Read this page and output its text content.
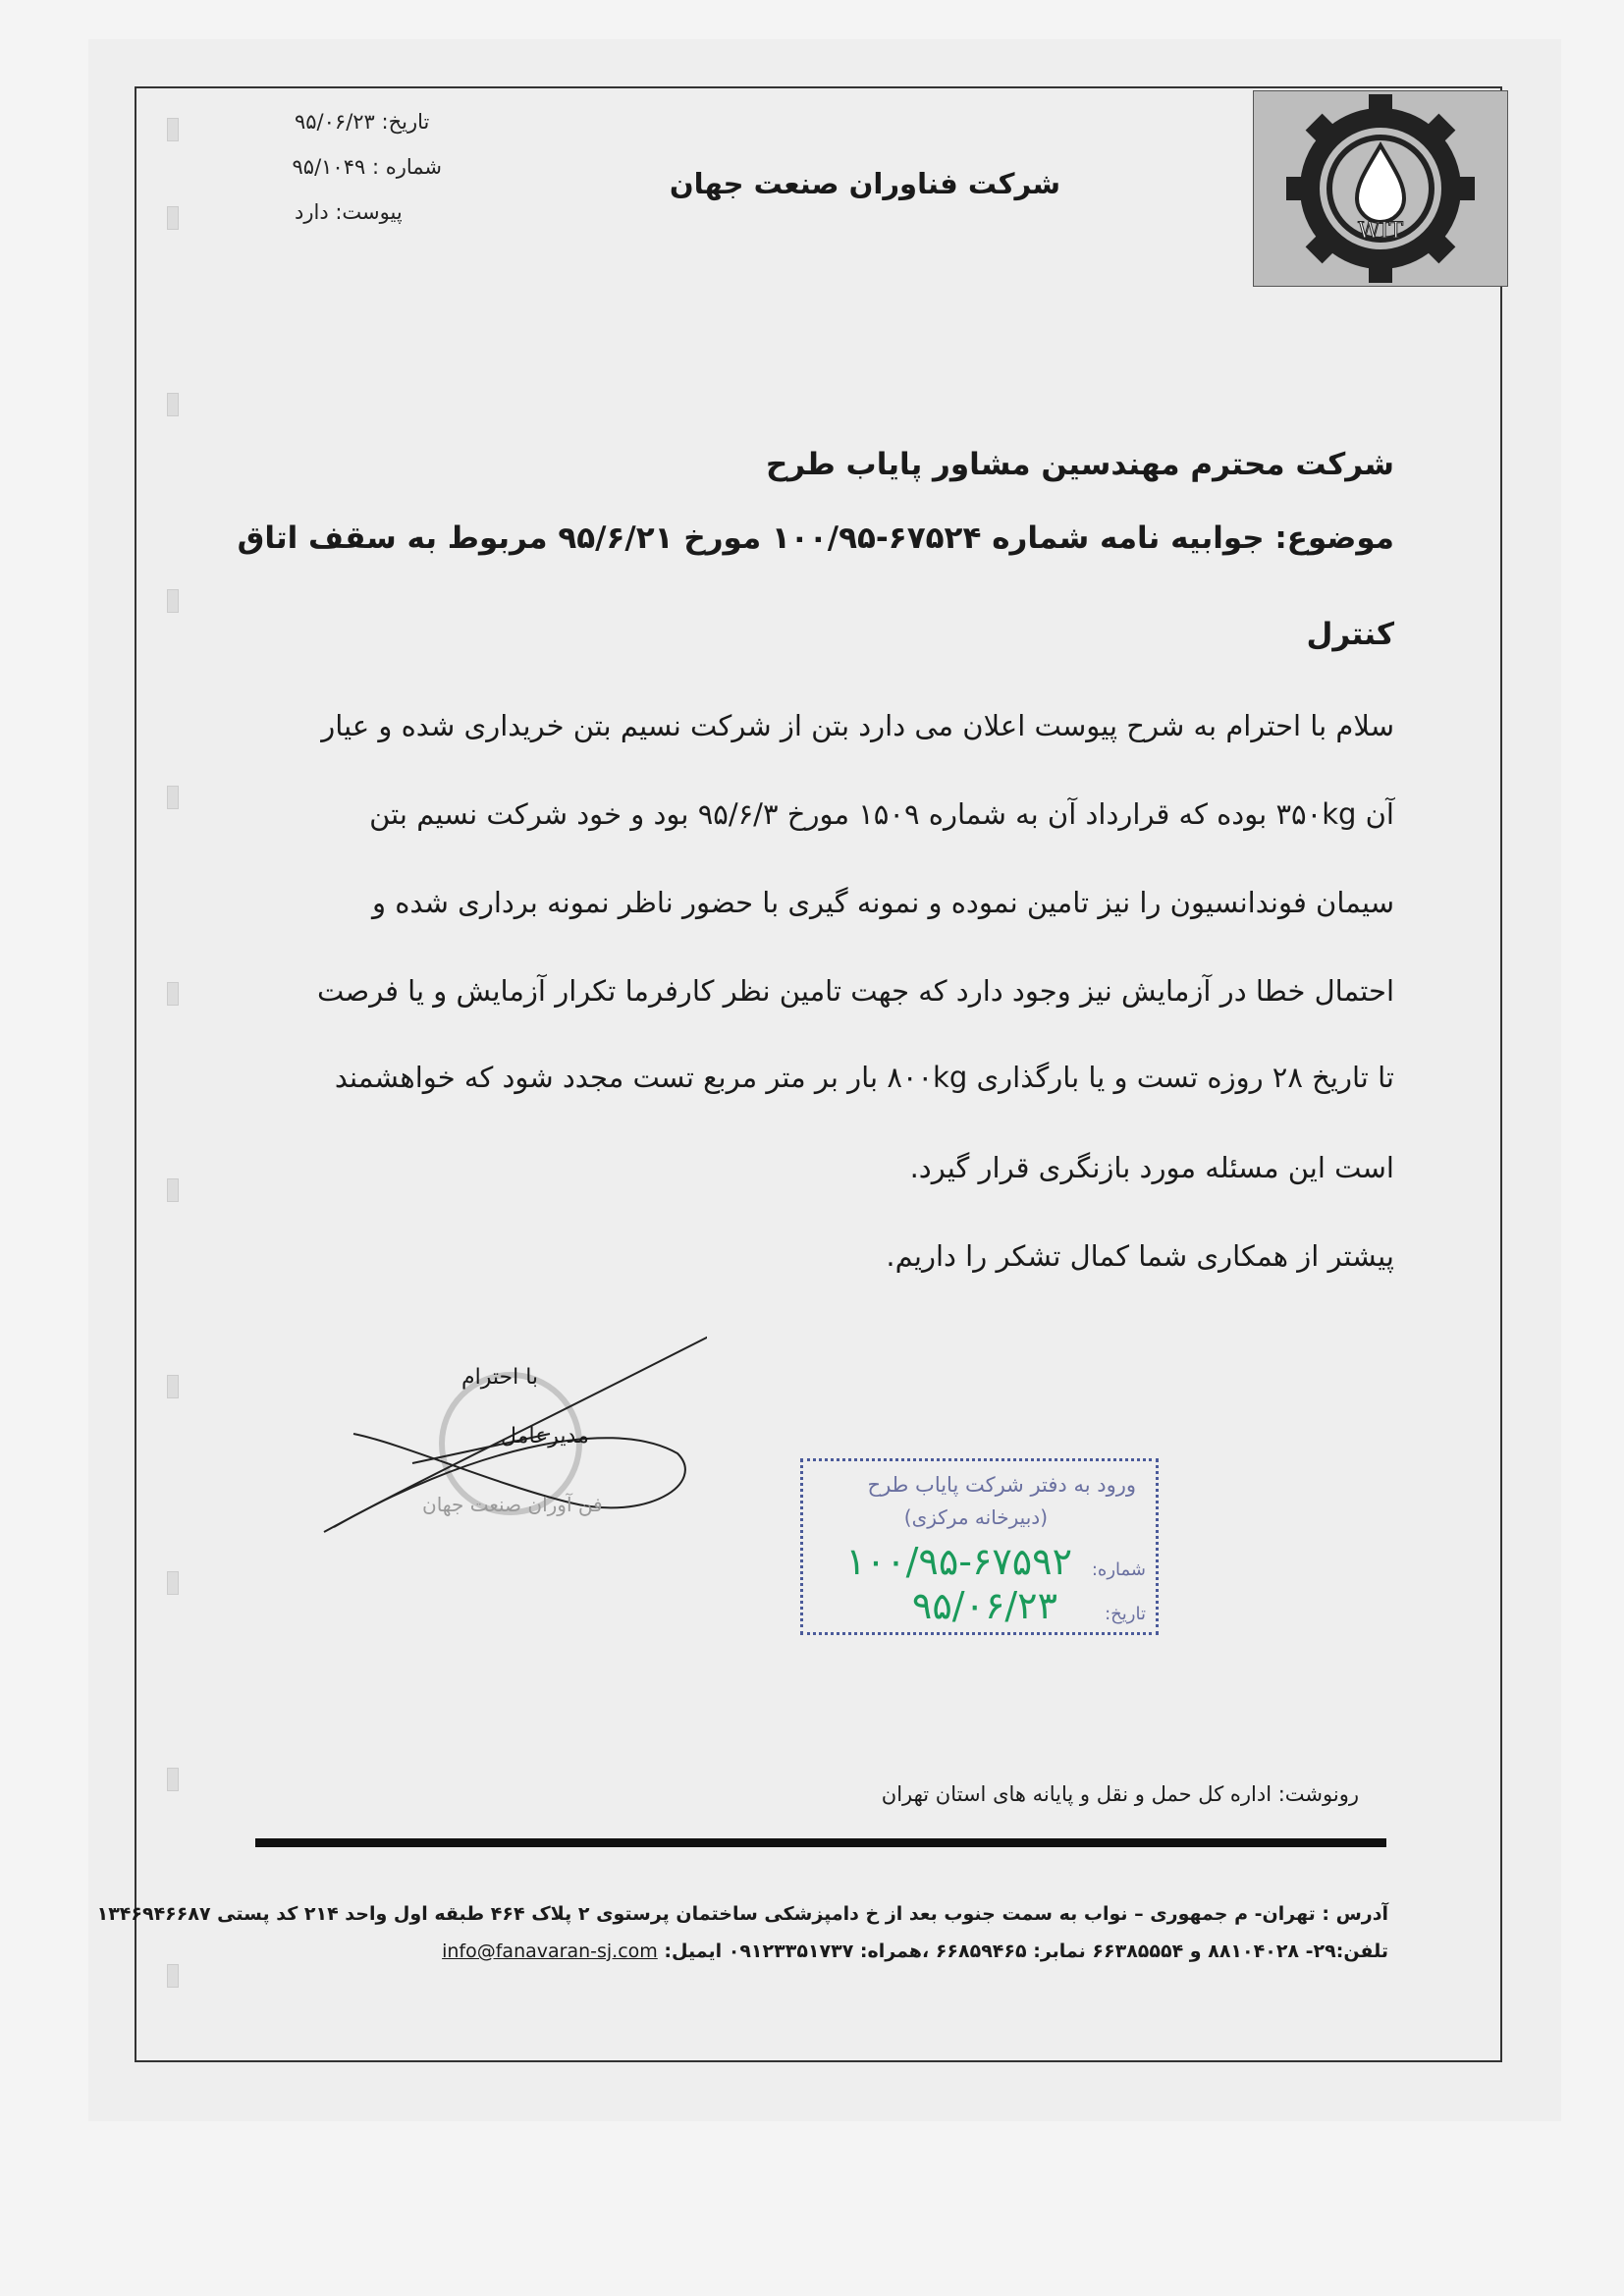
WIT
تاریخ: ۹۵/۰۶/۲۳
شماره : ۹۵/۱۰۴۹
پیوست: دارد
شرکت فناوران صنعت جهان
شرکت محترم مهندسین مشاور پایاب طرح
موضوع: جوابیه نامه شماره ۶۷۵۲۴-۱۰۰/۹۵ مورخ ۹۵/۶/۲۱ مربوط به سقف اتاق
کنترل
سلام با احترام به شرح پیوست اعلان می دارد بتن از شرکت نسیم بتن خریداری شده و عیار
آن ۳۵۰kg بوده که قرارداد آن به شماره ۱۵۰۹ مورخ ۹۵/۶/۳ بود و خود شرکت نسیم بتن
سیمان فوندانسیون را نیز تامین نموده و نمونه گیری با حضور ناظر نمونه برداری شده و
احتمال خطا در آزمایش نیز وجود دارد که جهت تامین نظر کارفرما تکرار آزمایش و یا فرصت
تا تاریخ ۲۸ روزه تست و یا بارگذاری ۸۰۰kg بار بر متر مربع تست مجدد شود که خواهشمند
است این مسئله مورد بازنگری قرار گیرد.
پیشتر از همکاری شما کمال تشکر را داریم.
با احترام
مدیرعامل
فن آوران صنعت جهان
ورود به دفتر شرکت پایاب طرح
(دبیرخانه مرکزی)
شماره:
۱۰۰/۹۵-۶۷۵۹۲
تاریخ:
۹۵/۰۶/۲۳
رونوشت: اداره کل حمل و نقل و پایانه های استان تهران
آدرس : تهران- م جمهوری – نواب به سمت جنوب بعد از خ دامپزشکی ساختمان پرستوی ۲ پلاک ۴۶۴ طبقه اول واحد ۲۱۴ کد پستی ۱۳۴۶۹۴۶۶۸۷
تلفن:۲۹- ۸۸۱۰۴۰۲۸ و ۶۶۳۸۵۵۵۴ نمابر: ۶۶۸۵۹۴۶۵ ،همراه: ۰۹۱۲۳۳۵۱۷۳۷ ایمیل: info@fanavaran-sj.com
